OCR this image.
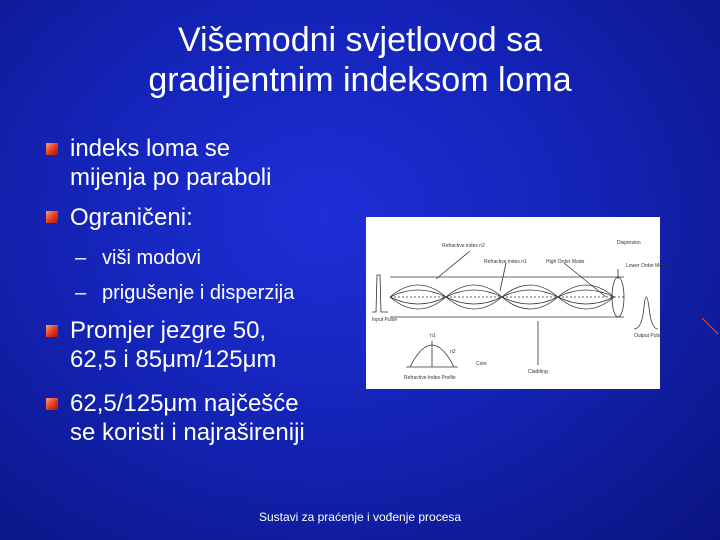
Višemodni svjetlovod sa
gradijentnim indeksom loma
indeks loma se
mijenja po paraboli
Ograničeni:
– viši modovi
– prigušenje i disperzija
Promjer jezgre 50,
62,5 i 85μm/125μm
62,5/125μm najčešće
se koristi i najrašireniji
Dispersion
Refractive index n2
Refractive index n1	High Order Mode
Lower Order Mode
Input Pulse
Output Pulse
Cladding
Core
n1
n2
Refractive Index Profile
Sustavi za praćenje i vođenje procesa
